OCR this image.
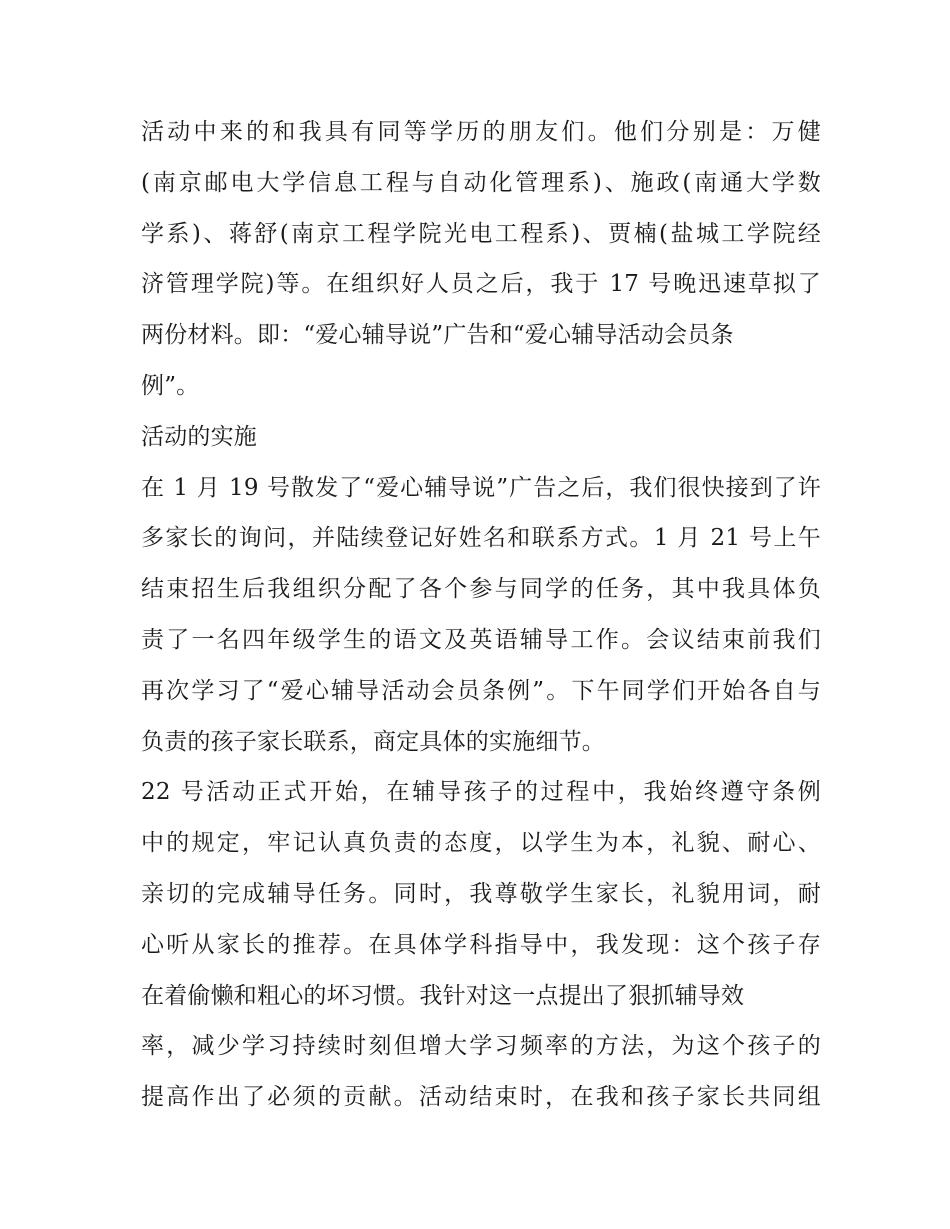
活动中来的和我具有同等学历的朋友们。他们分别是：万健
(南京邮电大学信息工程与自动化管理系)、施政(南通大学数
学系)、蒋舒(南京工程学院光电工程系)、贾楠(盐城工学院经
济管理学院)等。在组织好人员之后，我于 17 号晚迅速草拟了
两份材料。即：“爱心辅导说”广告和“爱心辅导活动会员条
例”。
活动的实施
在 1 月 19 号散发了“爱心辅导说”广告之后，我们很快接到了许
多家长的询问，并陆续登记好姓名和联系方式。1 月 21 号上午
结束招生后我组织分配了各个参与同学的任务，其中我具体负
责了一名四年级学生的语文及英语辅导工作。会议结束前我们
再次学习了“爱心辅导活动会员条例”。下午同学们开始各自与
负责的孩子家长联系，商定具体的实施细节。
22 号活动正式开始，在辅导孩子的过程中，我始终遵守条例
中的规定，牢记认真负责的态度，以学生为本，礼貌、耐心、
亲切的完成辅导任务。同时，我尊敬学生家长，礼貌用词，耐
心听从家长的推荐。在具体学科指导中，我发现：这个孩子存
在着偷懒和粗心的坏习惯。我针对这一点提出了狠抓辅导效
率，减少学习持续时刻但增大学习频率的方法，为这个孩子的
提高作出了必须的贡献。活动结束时，在我和孩子家长共同组
